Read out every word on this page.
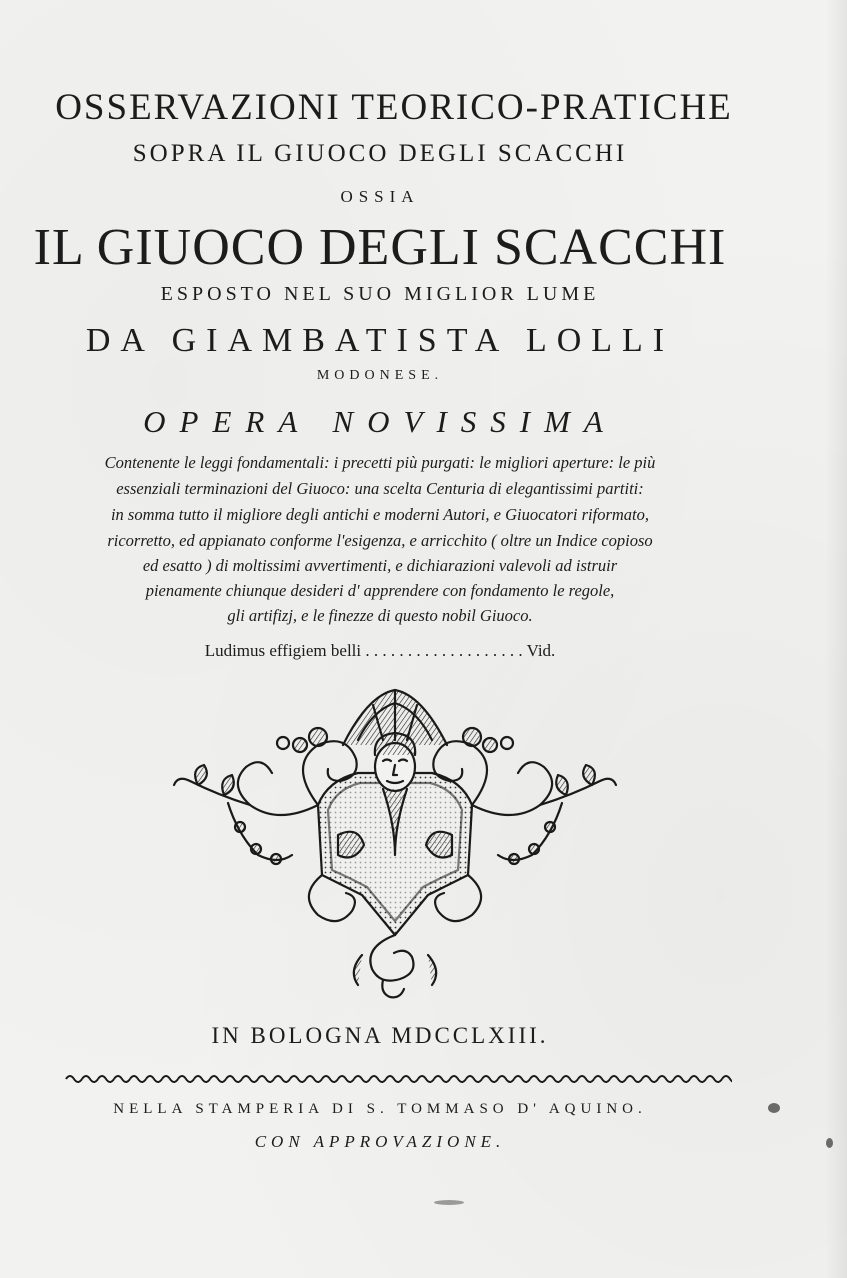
OSSERVAZIONI TEORICO-PRATICHE
SOPRA IL GIUOCO DEGLI SCACCHI
OSSIA
IL GIUOCO DEGLI SCACCHI
ESPOSTO NEL SUO MIGLIOR LUME
DA GIAMBATISTA LOLLI
MODONESE.
OPERA NOVISSIMA
Contenente le leggi fondamentali: i precetti più purgati: le migliori aperture: le più
essenziali terminazioni del Giuoco: una scelta Centuria di elegantissimi partiti:
in somma tutto il migliore degli antichi e moderni Autori, e Giuocatori riformato,
ricorretto, ed appianato conforme l'esigenza, e arricchito ( oltre un Indice copioso
ed esatto ) di moltissimi avvertimenti, e dichiarazioni valevoli ad istruir
pienamente chiunque desideri d' apprendere con fondamento le regole,
gli artifizj, e le finezze di questo nobil Giuoco.
Ludimus effigiem belli . . . . . . . . . . . . . . . . . . . Vid.
IN BOLOGNA MDCCLXIII.
NELLA STAMPERIA DI S. TOMMASO D' AQUINO.
CON APPROVAZIONE.
